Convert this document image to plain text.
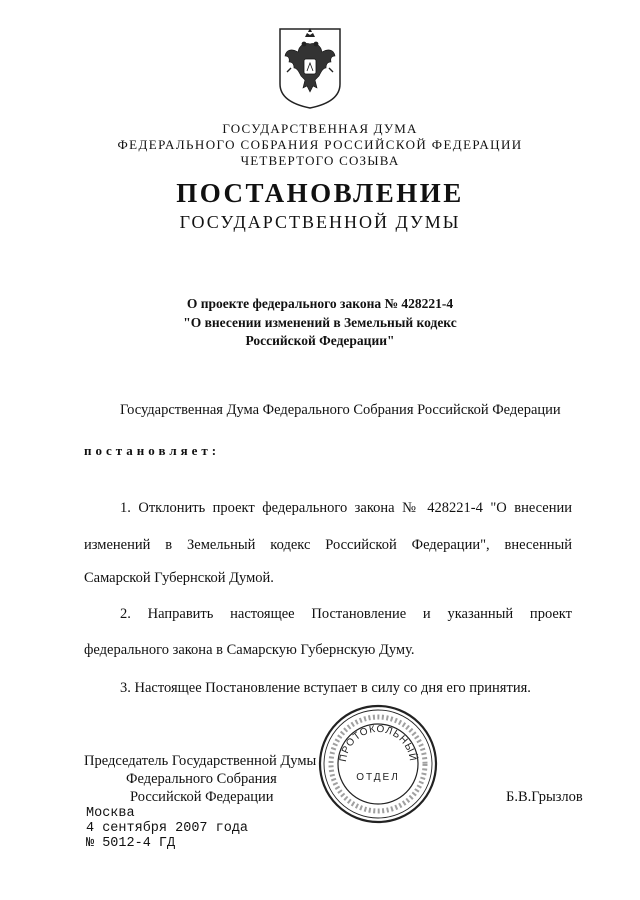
ГОСУДАРСТВЕННАЯ ДУМА
ФЕДЕРАЛЬНОГО СОБРАНИЯ РОССИЙСКОЙ ФЕДЕРАЦИИ
ЧЕТВЕРТОГО СОЗЫВА
ПОСТАНОВЛЕНИЕ
ГОСУДАРСТВЕННОЙ ДУМЫ
О проекте федерального закона № 428221-4
"О внесении изменений в Земельный кодекс
Российской Федерации"
Государственная Дума Федерального Собрания Российской Федерации
постановляет:
1. Отклонить проект федерального закона № 428221-4 "О внесении
изменений в Земельный кодекс Российской Федерации", внесенный
Самарской Губернской Думой.
2. Направить настоящее Постановление и указанный проект
федерального закона в Самарскую Губернскую Думу.
3. Настоящее Постановление вступает в силу со дня его принятия.
Председатель Государственной Думы
Федерального Собрания
Российской Федерации	Б.В.Грызлов
ПРОТОКОЛЬНЫЙ
ОТДЕЛ
Москва
4 сентября 2007 года
№ 5012-4 ГД
